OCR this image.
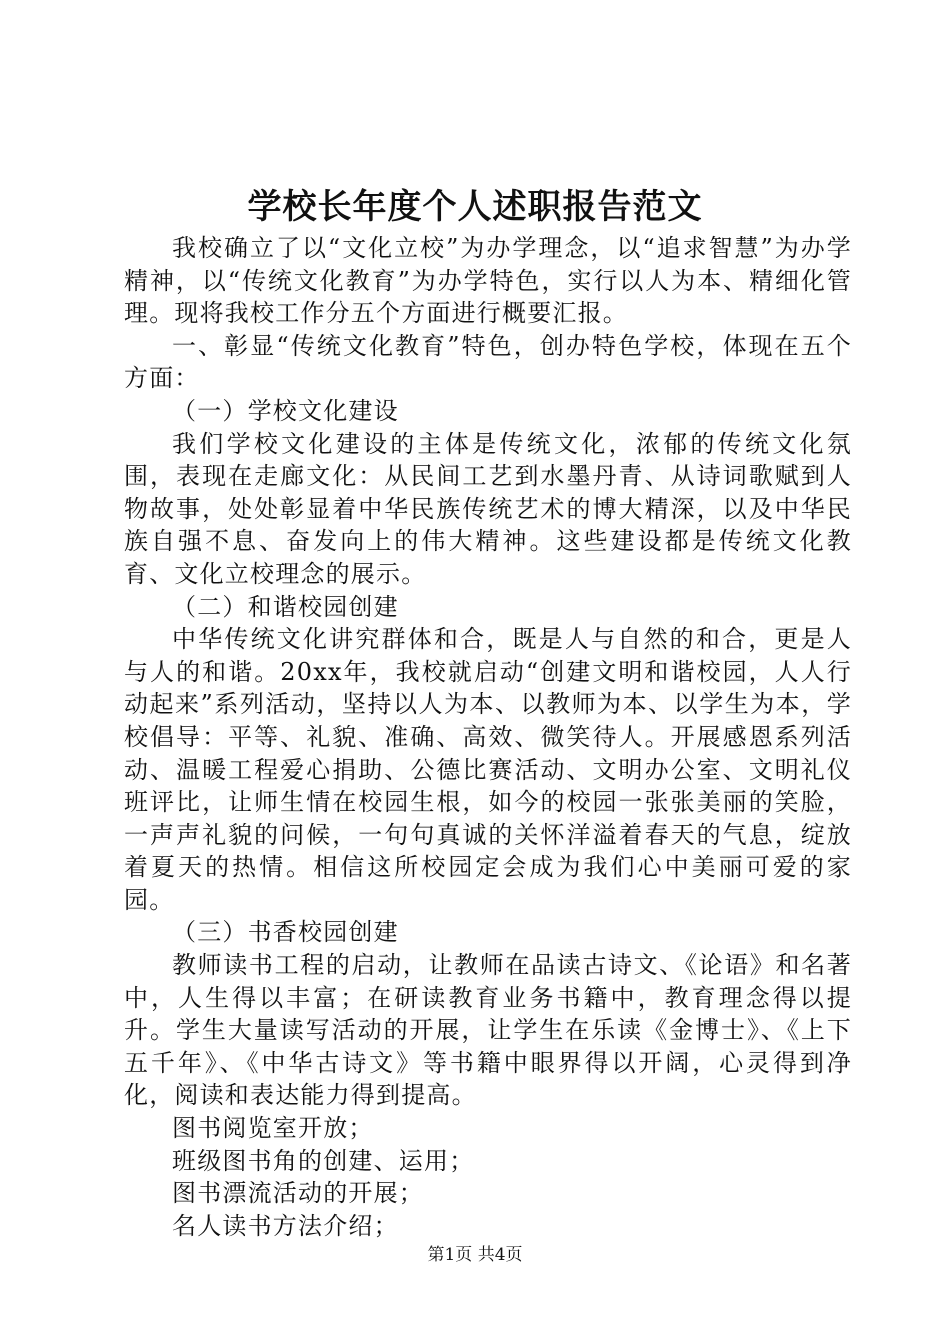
学校长年度个人述职报告范文

我校确立了以“文化立校”为办学理念，以“追求智慧”为办学精神，以“传统文化教育”为办学特色，实行以人为本、精细化管理。现将我校工作分五个方面进行概要汇报。

一、彰显“传统文化教育”特色，创办特色学校，体现在五个方面：

（一）学校文化建设

我们学校文化建设的主体是传统文化，浓郁的传统文化氛围，表现在走廊文化：从民间工艺到水墨丹青、从诗词歌赋到人物故事，处处彰显着中华民族传统艺术的博大精深，以及中华民族自强不息、奋发向上的伟大精神。这些建设都是传统文化教育、文化立校理念的展示。

（二）和谐校园创建

中华传统文化讲究群体和合，既是人与自然的和合，更是人与人的和谐。20xx年，我校就启动“创建文明和谐校园，人人行动起来”系列活动，坚持以人为本、以教师为本、以学生为本，学校倡导：平等、礼貌、准确、高效、微笑待人。开展感恩系列活动、温暖工程爱心捐助、公德比赛活动、文明办公室、文明礼仪班评比，让师生情在校园生根，如今的校园一张张美丽的笑脸，一声声礼貌的问候，一句句真诚的关怀洋溢着春天的气息，绽放着夏天的热情。相信这所校园定会成为我们心中美丽可爱的家园。

（三）书香校园创建

教师读书工程的启动，让教师在品读古诗文、《论语》和名著中，人生得以丰富；在研读教育业务书籍中，教育理念得以提升。学生大量读写活动的开展，让学生在乐读《金博士》、《上下五千年》、《中华古诗文》等书籍中眼界得以开阔，心灵得到净化，阅读和表达能力得到提高。

图书阅览室开放；

班级图书角的创建、运用；

图书漂流活动的开展；

名人读书方法介绍；

第1页 共4页
